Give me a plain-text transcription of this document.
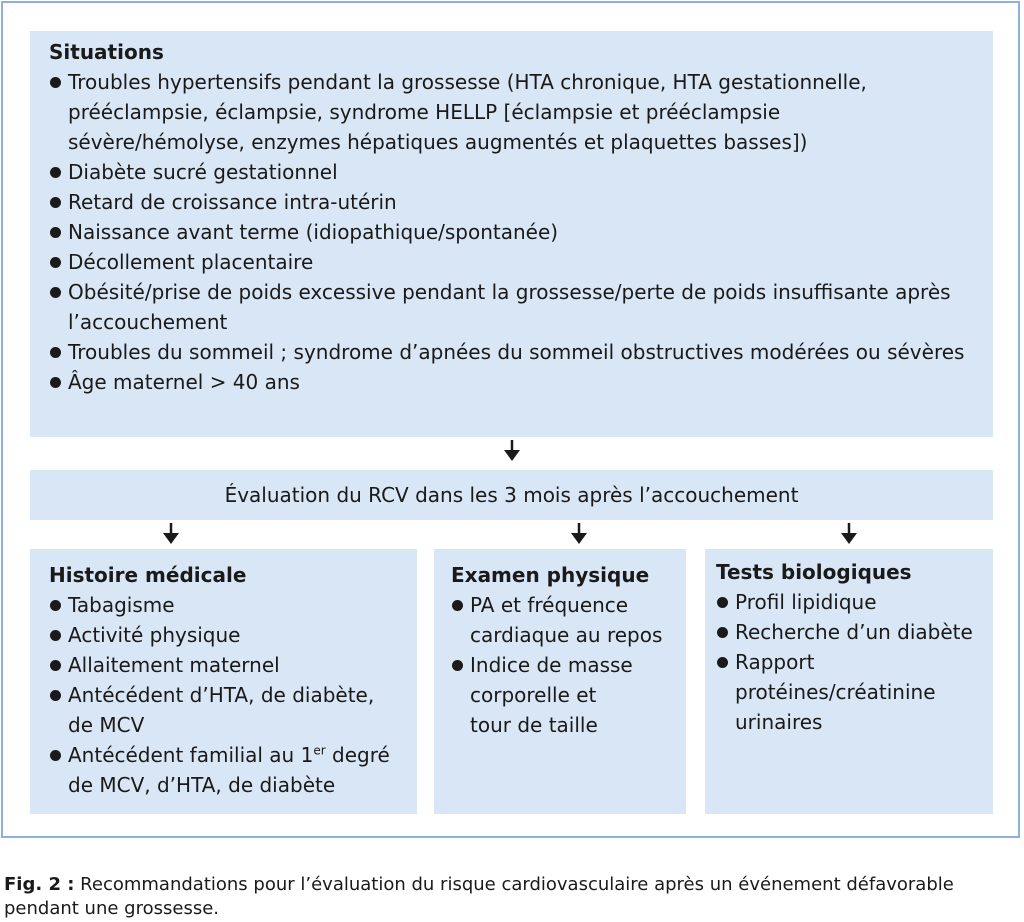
Situations

Troubles hypertensifs pendant la grossesse (HTA chronique, HTA gestationnelle, prééclampsie, éclampsie, syndrome HELLP [éclampsie et prééclampsie sévère/hémolyse, enzymes hépatiques augmentés et plaquettes basses])
Diabète sucré gestationnel
Retard de croissance intra-utérin
Naissance avant terme (idiopathique/spontanée)
Décollement placentaire
Obésité/prise de poids excessive pendant la grossesse/perte de poids insuffisante après l’accouchement
Troubles du sommeil ; syndrome d’apnées du sommeil obstructives modérées ou sévères
Âge maternel > 40 ans
Évaluation du RCV dans les 3 mois après l’accouchement

Histoire médicale

Tabagisme
Activité physique
Allaitement maternel
Antécédent d’HTA, de diabète, de MCV
Antécédent familial au 1er degré de MCV, d’HTA, de diabète

Examen physique

PA et fréquence cardiaque au repos
Indice de masse corporelle et tour de taille

Tests biologiques

Profil lipidique
Recherche d’un diabète
Rapport protéines/créatinine urinaires
Fig. 2 : Recommandations pour l’évaluation du risque cardiovasculaire après un événement défavorable pendant une grossesse.
